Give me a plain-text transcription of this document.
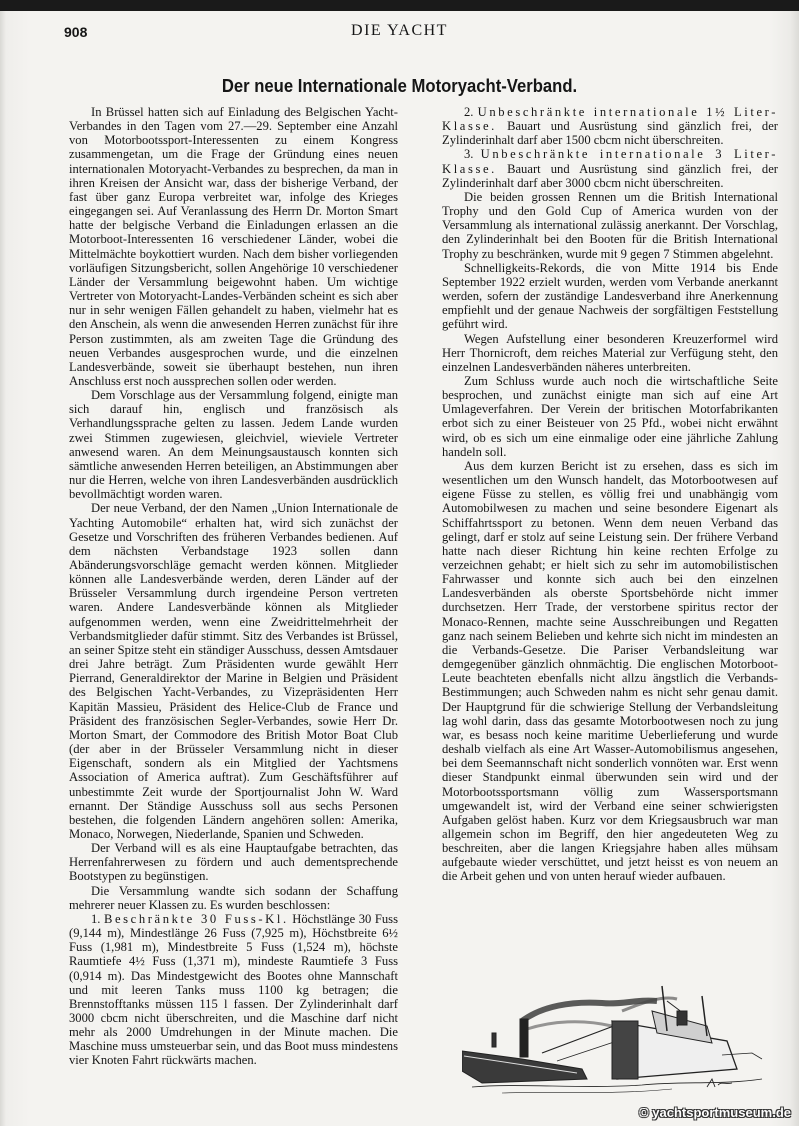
908	DIE YACHT
Der neue Internationale Motoryacht-Verband.

In Brüssel hatten sich auf Einladung des Belgischen Yacht-Verbandes in den Tagen vom 27.—29. September eine Anzahl von Motorbootssport-Interessenten zu einem Kongress zusammengetan, um die Frage der Gründung eines neuen internationalen Motoryacht-Verbandes zu besprechen, da man in ihren Kreisen der Ansicht war, dass der bisherige Verband, der fast über ganz Europa verbreitet war, infolge des Krieges eingegangen sei. Auf Veranlassung des Herrn Dr. Morton Smart hatte der belgische Verband die Einladungen erlassen an die Motorboot-Interessenten 16 verschiedener Länder, wobei die Mittelmächte boykottiert wurden. Nach dem bisher vorliegenden vorläufigen Sitzungsbericht, sollen Angehörige 10 verschiedener Länder der Versammlung beigewohnt haben. Um wichtige Vertreter von Motoryacht-Landes-Verbänden scheint es sich aber nur in sehr wenigen Fällen gehandelt zu haben, vielmehr hat es den Anschein, als wenn die anwesenden Herren zunächst für ihre Person zustimmten, als am zweiten Tage die Gründung des neuen Verbandes ausgesprochen wurde, und die einzelnen Landesverbände, soweit sie überhaupt bestehen, nun ihren Anschluss erst noch aussprechen sollen oder werden.

Dem Vorschlage aus der Versammlung folgend, einigte man sich darauf hin, englisch und französisch als Verhandlungssprache gelten zu lassen. Jedem Lande wurden zwei Stimmen zugewiesen, gleichviel, wieviele Vertreter anwesend waren. An dem Meinungsaustausch konnten sich sämtliche anwesenden Herren beteiligen, an Abstimmungen aber nur die Herren, welche von ihren Landesverbänden ausdrücklich bevollmächtigt worden waren.

Der neue Verband, der den Namen „Union Internationale de Yachting Automobile“ erhalten hat, wird sich zunächst der Gesetze und Vorschriften des früheren Verbandes bedienen. Auf dem nächsten Verbandstage 1923 sollen dann Abänderungsvorschläge gemacht werden können. Mitglieder können alle Landesverbände werden, deren Länder auf der Brüsseler Versammlung durch irgendeine Person vertreten waren. Andere Landesverbände können als Mitglieder aufgenommen werden, wenn eine Zweidrittelmehrheit der Verbandsmitglieder dafür stimmt. Sitz des Verbandes ist Brüssel, an seiner Spitze steht ein ständiger Ausschuss, dessen Amtsdauer drei Jahre beträgt. Zum Präsidenten wurde gewählt Herr Pierrand, Generaldirektor der Marine in Belgien und Präsident des Belgischen Yacht-Verbandes, zu Vizepräsidenten Herr Kapitän Massieu, Präsident des Helice-Club de France und Präsident des französischen Segler-Verbandes, sowie Herr Dr. Morton Smart, der Commodore des British Motor Boat Club (der aber in der Brüsseler Versammlung nicht in dieser Eigenschaft, sondern als ein Mitglied der Yachtsmens Association of America auftrat). Zum Geschäftsführer auf unbestimmte Zeit wurde der Sportjournalist John W. Ward ernannt. Der Ständige Ausschuss soll aus sechs Personen bestehen, die folgenden Ländern angehören sollen: Amerika, Monaco, Norwegen, Niederlande, Spanien und Schweden.

Der Verband will es als eine Hauptaufgabe betrachten, das Herrenfahrerwesen zu fördern und auch dementsprechende Bootstypen zu begünstigen.

Die Versammlung wandte sich sodann der Schaffung mehrerer neuer Klassen zu. Es wurden beschlossen:

1. Beschränkte 30 Fuss-Kl. Höchstlänge 30 Fuss (9,144 m), Mindestlänge 26 Fuss (7,925 m), Höchstbreite 6½ Fuss (1,981 m), Mindestbreite 5 Fuss (1,524 m), höchste Raumtiefe 4½ Fuss (1,371 m), mindeste Raumtiefe 3 Fuss (0,914 m). Das Mindestgewicht des Bootes ohne Mannschaft und mit leeren Tanks muss 1100 kg betragen; die Brennstofftanks müssen 115 l fassen. Der Zylinderinhalt darf 3000 cbcm nicht überschreiten, und die Maschine darf nicht mehr als 2000 Umdrehungen in der Minute machen. Die Maschine muss umsteuerbar sein, und das Boot muss mindestens vier Knoten Fahrt rückwärts machen.

2. Unbeschränkte internationale 1½ Liter-Klasse. Bauart und Ausrüstung sind gänzlich frei, der Zylinderinhalt darf aber 1500 cbcm nicht überschreiten.

3. Unbeschränkte internationale 3 Liter-Klasse. Bauart und Ausrüstung sind gänzlich frei, der Zylinderinhalt darf aber 3000 cbcm nicht überschreiten.

Die beiden grossen Rennen um die British International Trophy und den Gold Cup of America wurden von der Versammlung als international zulässig anerkannt. Der Vorschlag, den Zylinderinhalt bei den Booten für die British International Trophy zu beschränken, wurde mit 9 gegen 7 Stimmen abgelehnt.

Schnelligkeits-Rekords, die von Mitte 1914 bis Ende September 1922 erzielt wurden, werden vom Verbande anerkannt werden, sofern der zuständige Landesverband ihre Anerkennung empfiehlt und der genaue Nachweis der sorgfältigen Feststellung geführt wird.

Wegen Aufstellung einer besonderen Kreuzerformel wird Herr Thornicroft, dem reiches Material zur Verfügung steht, den einzelnen Landesverbänden näheres unterbreiten.

Zum Schluss wurde auch noch die wirtschaftliche Seite besprochen, und zunächst einigte man sich auf eine Art Umlageverfahren. Der Verein der britischen Motorfabrikanten erbot sich zu einer Beisteuer von 25 Pfd., wobei nicht erwähnt wird, ob es sich um eine einmalige oder eine jährliche Zahlung handeln soll.

Aus dem kurzen Bericht ist zu ersehen, dass es sich im wesentlichen um den Wunsch handelt, das Motorbootwesen auf eigene Füsse zu stellen, es völlig frei und unabhängig vom Automobilwesen zu machen und seine besondere Eigenart als Schiffahrtssport zu betonen. Wenn dem neuen Verband das gelingt, darf er stolz auf seine Leistung sein. Der frühere Verband hatte nach dieser Richtung hin keine rechten Erfolge zu verzeichnen gehabt; er hielt sich zu sehr im automobilistischen Fahrwasser und konnte sich auch bei den einzelnen Landesverbänden als oberste Sportsbehörde nicht immer durchsetzen. Herr Trade, der verstorbene spiritus rector der Monaco-Rennen, machte seine Ausschreibungen und Regatten ganz nach seinem Belieben und kehrte sich nicht im mindesten an die Verbands-Gesetze. Die Pariser Verbandsleitung war demgegenüber gänzlich ohnmächtig. Die englischen Motorboot-Leute beachteten ebenfalls nicht allzu ängstlich die Verbands-Bestimmungen; auch Schweden nahm es nicht sehr genau damit. Der Hauptgrund für die schwierige Stellung der Verbandsleitung lag wohl darin, dass das gesamte Motorbootwesen noch zu jung war, es besass noch keine maritime Ueberlieferung und wurde deshalb vielfach als eine Art Wasser-Automobilismus angesehen, bei dem Seemannschaft nicht sonderlich vonnöten war. Erst wenn dieser Standpunkt einmal überwunden sein wird und der Motorbootssportsmann völlig zum Wassersportsmann umgewandelt ist, wird der Verband eine seiner schwierigsten Aufgaben gelöst haben. Kurz vor dem Kriegsausbruch war man allgemein schon im Begriff, den hier angedeuteten Weg zu beschreiten, aber die langen Kriegsjahre haben alles mühsam aufgebaute wieder verschüttet, und jetzt heisst es von neuem an die Arbeit gehen und von unten herauf wieder aufbauen.

© yachtsportmuseum.de
